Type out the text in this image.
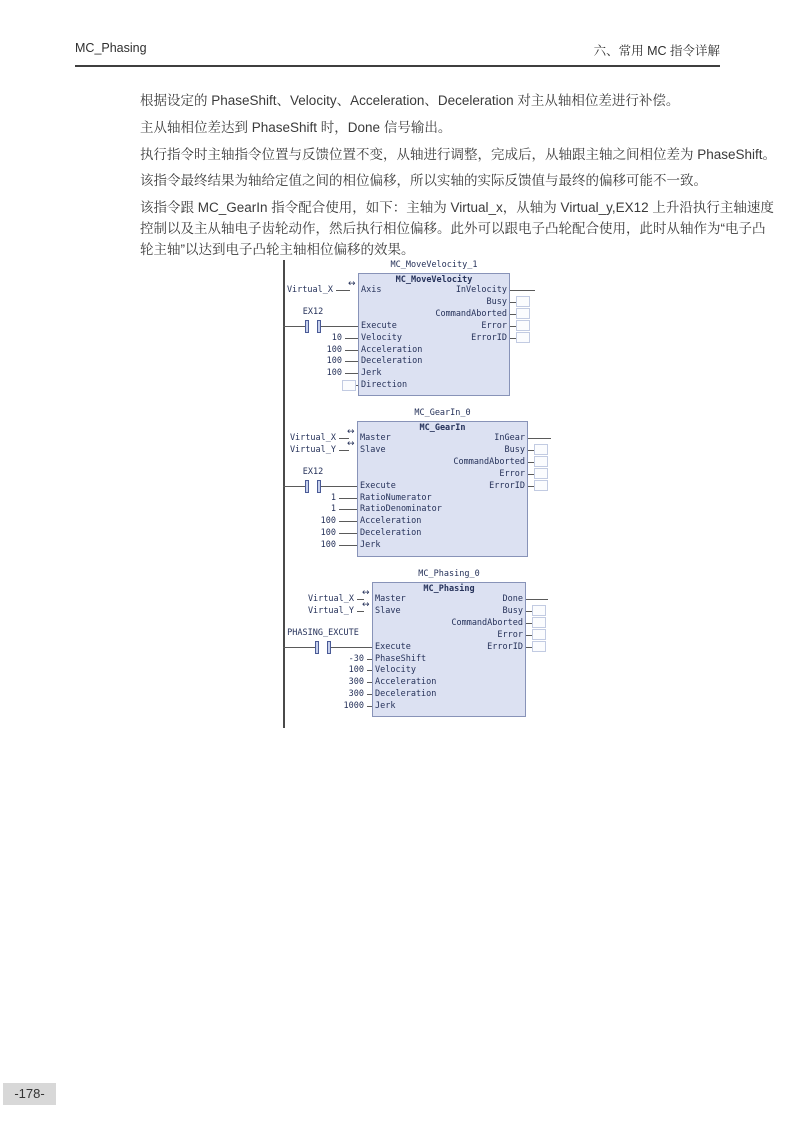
MC_Phasing	六、常用 MC 指令详解
根据设定的 PhaseShift、Velocity、Acceleration、Deceleration 对主从轴相位差进行补偿。
主从轴相位差达到 PhaseShift 时，Done 信号输出。
执行指令时主轴指令位置与反馈位置不变，从轴进行调整，完成后，从轴跟主轴之间相位差为 PhaseShift。
该指令最终结果为轴给定值之间的相位偏移，所以实轴的实际反馈值与最终的偏移可能不一致。
该指令跟 MC_GearIn 指令配合使用，如下：主轴为 Virtual_x，从轴为 Virtual_y,EX12 上升沿执行主轴速度
控制以及主从轴电子齿轮动作，然后执行相位偏移。此外可以跟电子凸轮配合使用，此时从轴作为“电子凸
轮主轴”以达到电子凸轮主轴相位偏移的效果。
MC_MoveVelocity_1
MC_MoveVelocity
Axis
Virtual_X
↔
Execute
EX12
Velocity
10
Acceleration
100
Deceleration
100
Jerk
100
Direction
InVelocity
Busy
CommandAborted
Error
ErrorID
MC_GearIn_0
MC_GearIn
Master
Virtual_X
↔
Slave
Virtual_Y
↔
Execute
EX12
RatioNumerator
1
RatioDenominator
1
Acceleration
100
Deceleration
100
Jerk
100
InGear
Busy
CommandAborted
Error
ErrorID
MC_Phasing_0
MC_Phasing
Master
Virtual_X
↔
Slave
Virtual_Y
↔
Execute
PHASING_EXCUTE
PhaseShift
-30
Velocity
100
Acceleration
300
Deceleration
300
Jerk
1000
Done
Busy
CommandAborted
Error
ErrorID
-178-
